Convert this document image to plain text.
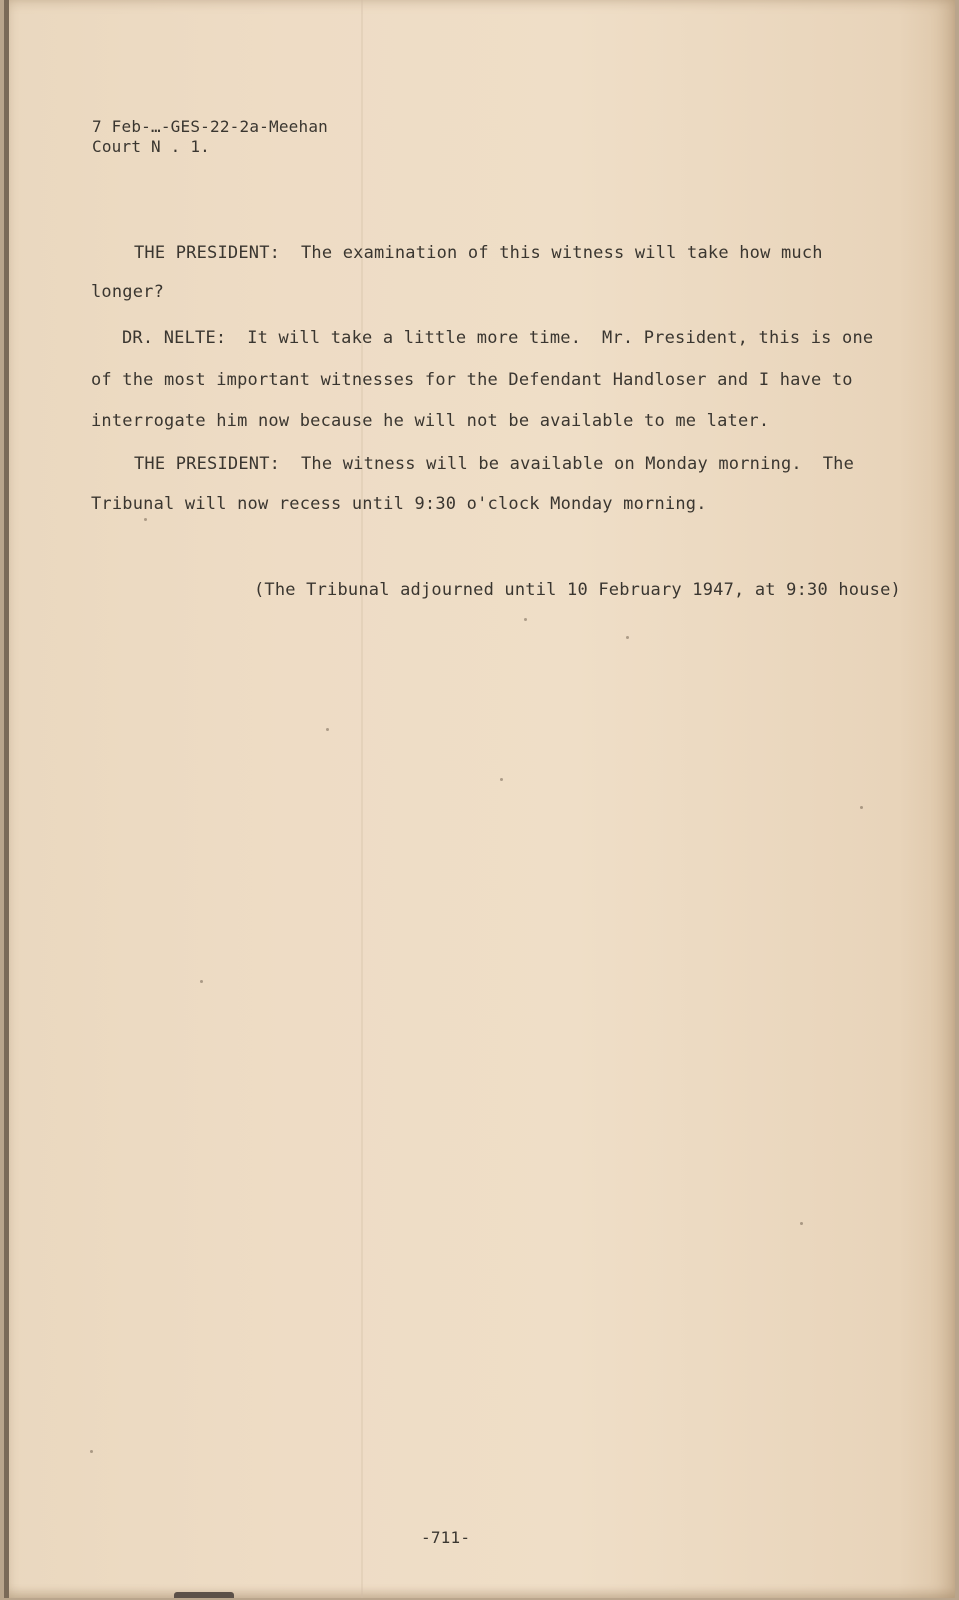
7 Feb-…-GES-22-2a-Meehan
Court N . 1.
THE PRESIDENT:  The examination of this witness will take how much
longer?
DR. NELTE:  It will take a little more time.  Mr. President, this is one
of the most important witnesses for the Defendant Handloser and I have to
interrogate him now because he will not be available to me later.
THE PRESIDENT:  The witness will be available on Monday morning.  The
Tribunal will now recess until 9:30 o'clock Monday morning.
(The Tribunal adjourned until 10 February 1947, at 9:30 house)
-711-
